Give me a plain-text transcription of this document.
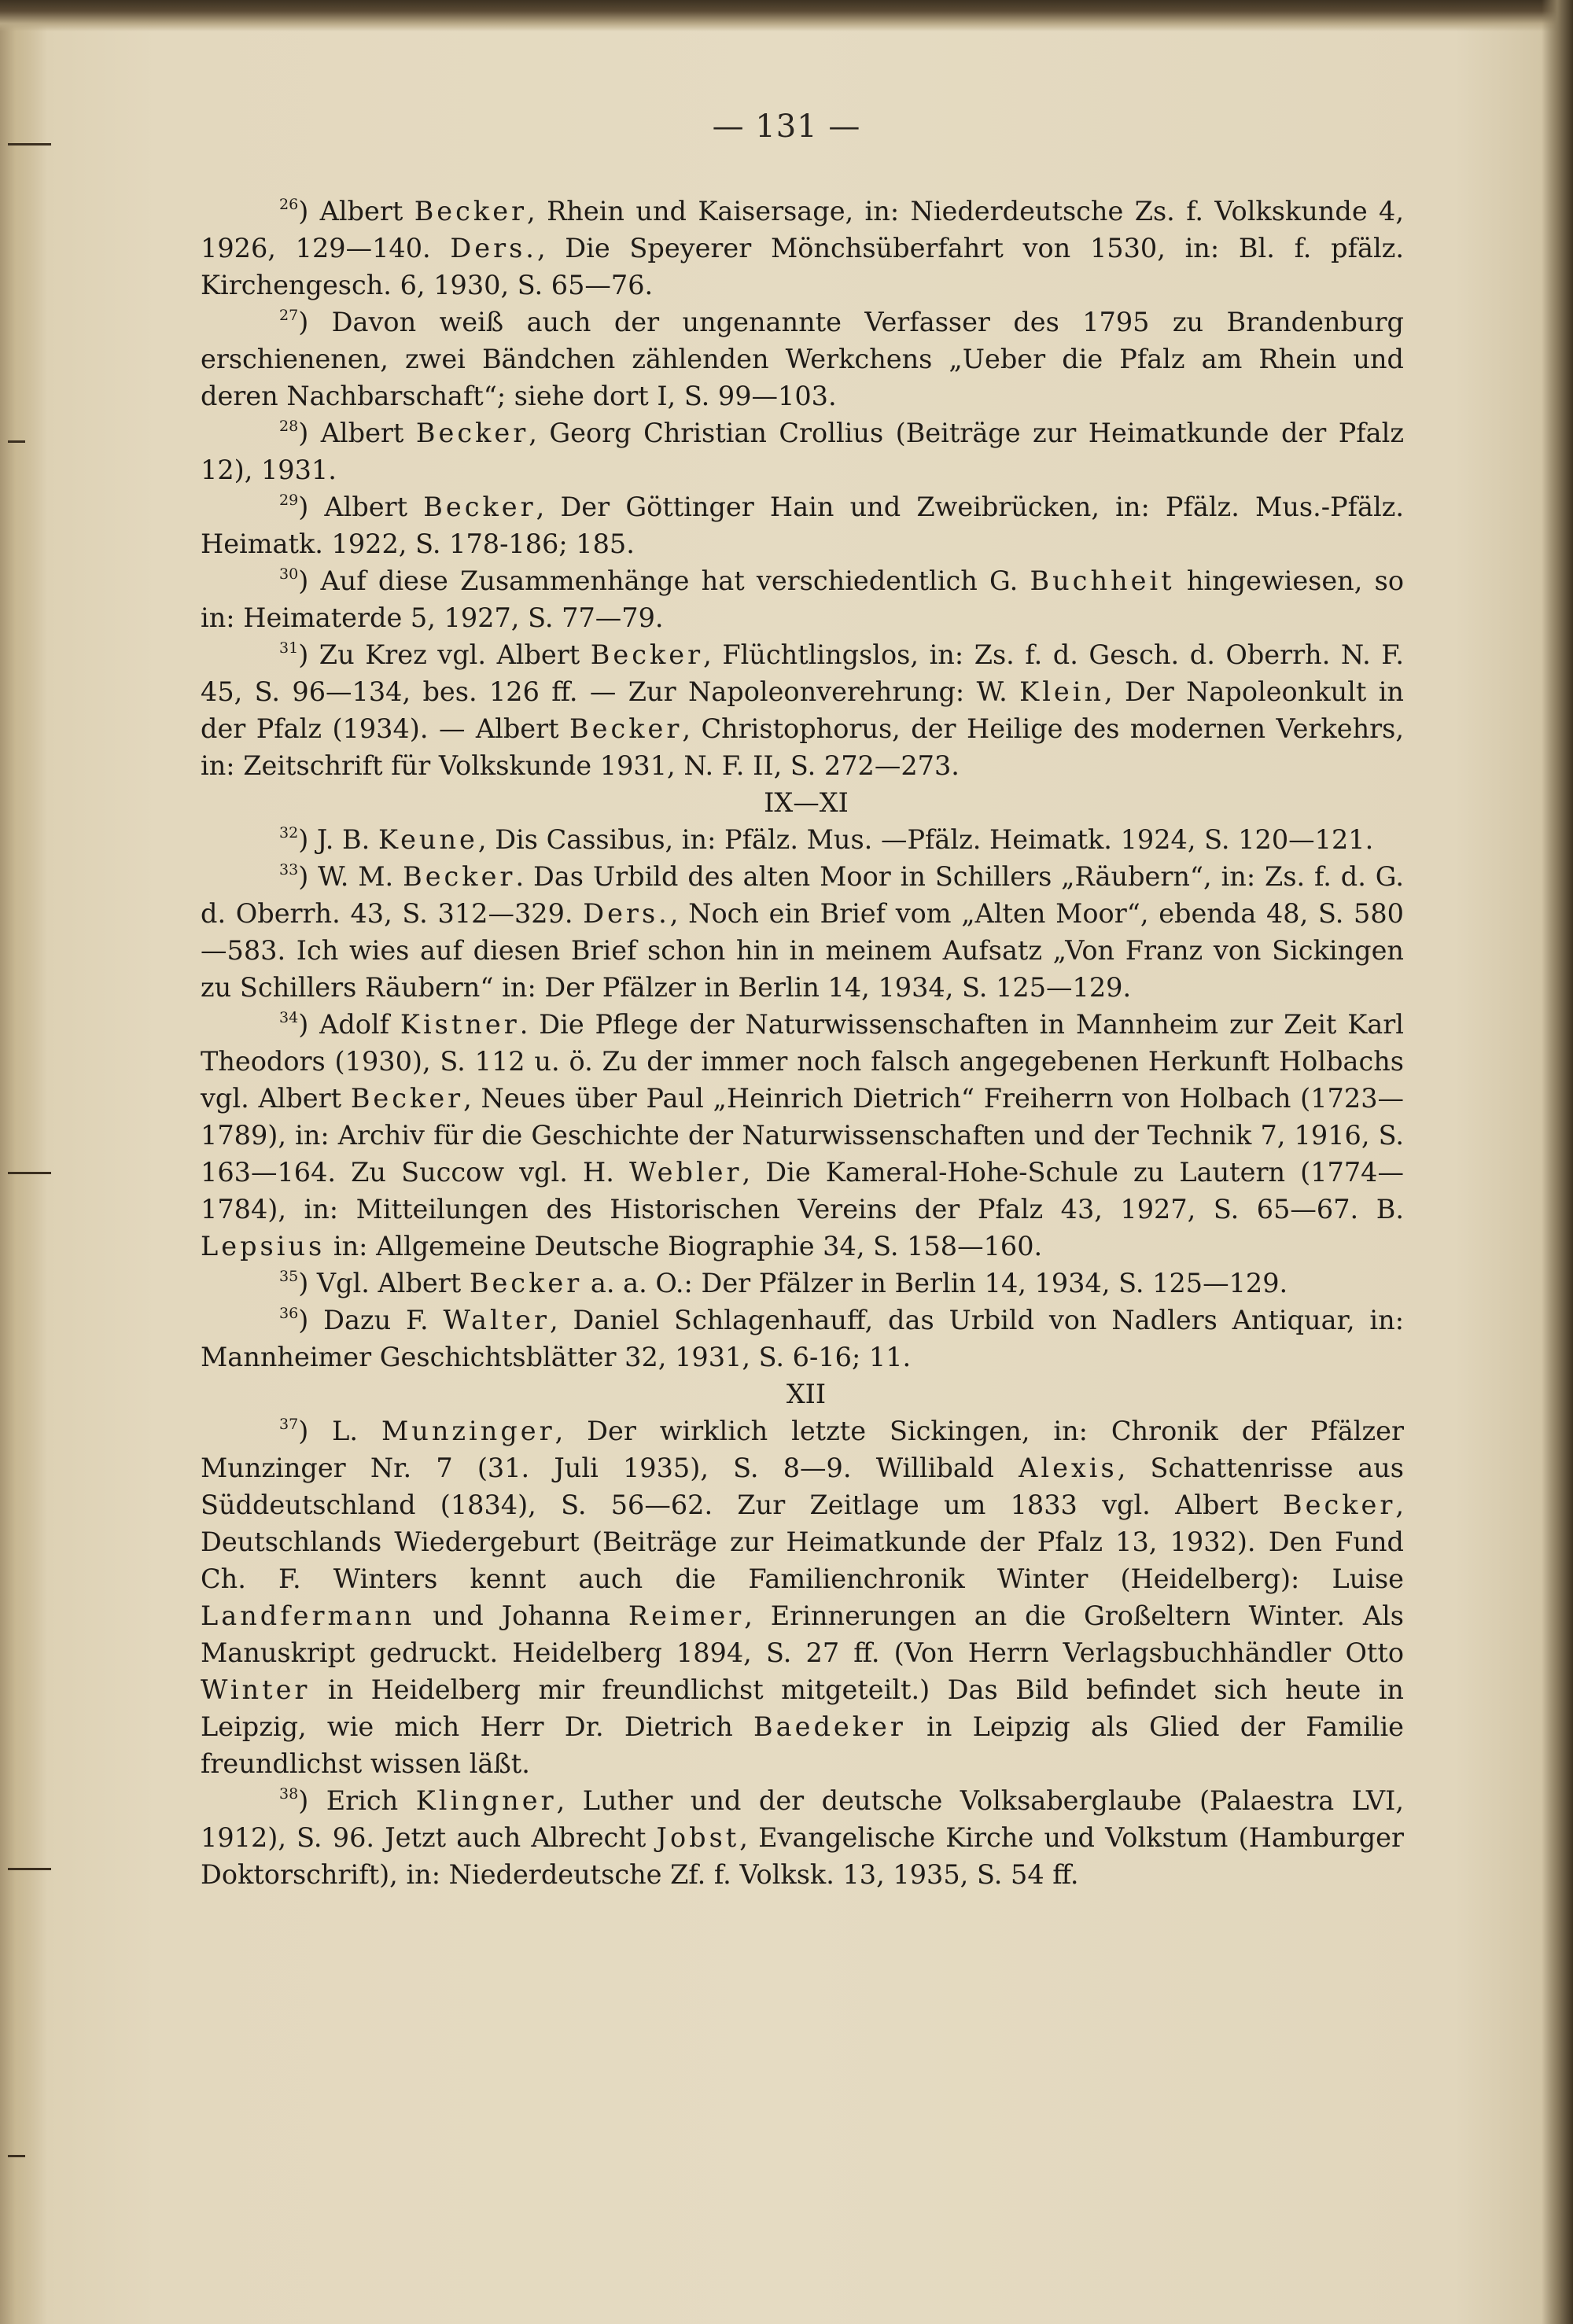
— 131 —

$^{26}$) Albert Becker, Rhein und Kaisersage, in: Niederdeutsche Zs. f. Volkskunde 4, 1926, 129—140. Ders., Die Speyerer Mönchsüberfahrt von 1530, in: Bl. f. pfälz. Kirchengesch. 6, 1930, S. 65—76.

$^{27}$) Davon weiß auch der ungenannte Verfasser des 1795 zu Brandenburg erschienenen, zwei Bändchen zählenden Werkchens „Ueber die Pfalz am Rhein und deren Nachbarschaft“; siehe dort I, S. 99—103.

$^{28}$) Albert Becker, Georg Christian Crollius (Beiträge zur Heimatkunde der Pfalz 12), 1931.

$^{29}$) Albert Becker, Der Göttinger Hain und Zweibrücken, in: Pfälz. Mus.-Pfälz. Heimatk. 1922, S. 178-186; 185.

$^{30}$) Auf diese Zusammenhänge hat verschiedentlich G. Buchheit hingewiesen, so in: Heimaterde 5, 1927, S. 77—79.

$^{31}$) Zu Krez vgl. Albert Becker, Flüchtlingslos, in: Zs. f. d. Gesch. d. Oberrh. N. F. 45, S. 96—134, bes. 126 ff. — Zur Napoleonverehrung: W. Klein, Der Napoleonkult in der Pfalz (1934). — Albert Becker, Christophorus, der Heilige des modernen Verkehrs, in: Zeitschrift für Volkskunde 1931, N. F. II, S. 272—273.

IX—XI

$^{32}$) J. B. Keune, Dis Cassibus, in: Pfälz. Mus. —Pfälz. Heimatk. 1924, S. 120—121.

$^{33}$) W. M. Becker. Das Urbild des alten Moor in Schillers „Räubern“, in: Zs. f. d. G. d. Oberrh. 43, S. 312—329. Ders., Noch ein Brief vom „Alten Moor“, ebenda 48, S. 580—583. Ich wies auf diesen Brief schon hin in meinem Aufsatz „Von Franz von Sickingen zu Schillers Räubern“ in: Der Pfälzer in Berlin 14, 1934, S. 125—129.

$^{34}$) Adolf Kistner. Die Pflege der Naturwissenschaften in Mannheim zur Zeit Karl Theodors (1930), S. 112 u. ö. Zu der immer noch falsch angegebenen Herkunft Holbachs vgl. Albert Becker, Neues über Paul „Heinrich Dietrich“ Freiherrn von Holbach (1723—1789), in: Archiv für die Geschichte der Naturwissenschaften und der Technik 7, 1916, S. 163—164. Zu Succow vgl. H. Webler, Die Kameral-Hohe-Schule zu Lautern (1774—1784), in: Mitteilungen des Historischen Vereins der Pfalz 43, 1927, S. 65—67. B. Lepsius in: Allgemeine Deutsche Biographie 34, S. 158—160.

$^{35}$) Vgl. Albert Becker a. a. O.: Der Pfälzer in Berlin 14, 1934, S. 125—129.

$^{36}$) Dazu F. Walter, Daniel Schlagenhauff, das Urbild von Nadlers Antiquar, in: Mannheimer Geschichtsblätter 32, 1931, S. 6-16; 11.

XII

$^{37}$) L. Munzinger, Der wirklich letzte Sickingen, in: Chronik der Pfälzer Munzinger Nr. 7 (31. Juli 1935), S. 8—9. Willibald Alexis, Schattenrisse aus Süddeutschland (1834), S. 56—62. Zur Zeitlage um 1833 vgl. Albert Becker, Deutschlands Wiedergeburt (Beiträge zur Heimatkunde der Pfalz 13, 1932). Den Fund Ch. F. Winters kennt auch die Familienchronik Winter (Heidelberg): Luise Landfermann und Johanna Reimer, Erinnerungen an die Großeltern Winter. Als Manuskript gedruckt. Heidelberg 1894, S. 27 ff. (Von Herrn Verlagsbuchhändler Otto Winter in Heidelberg mir freundlichst mitgeteilt.) Das Bild befindet sich heute in Leipzig, wie mich Herr Dr. Dietrich Baedeker in Leipzig als Glied der Familie freundlichst wissen läßt.

$^{38}$) Erich Klingner, Luther und der deutsche Volksaberglaube (Palaestra LVI, 1912), S. 96. Jetzt auch Albrecht Jobst, Evangelische Kirche und Volkstum (Hamburger Doktorschrift), in: Niederdeutsche Zf. f. Volksk. 13, 1935, S. 54 ff.
